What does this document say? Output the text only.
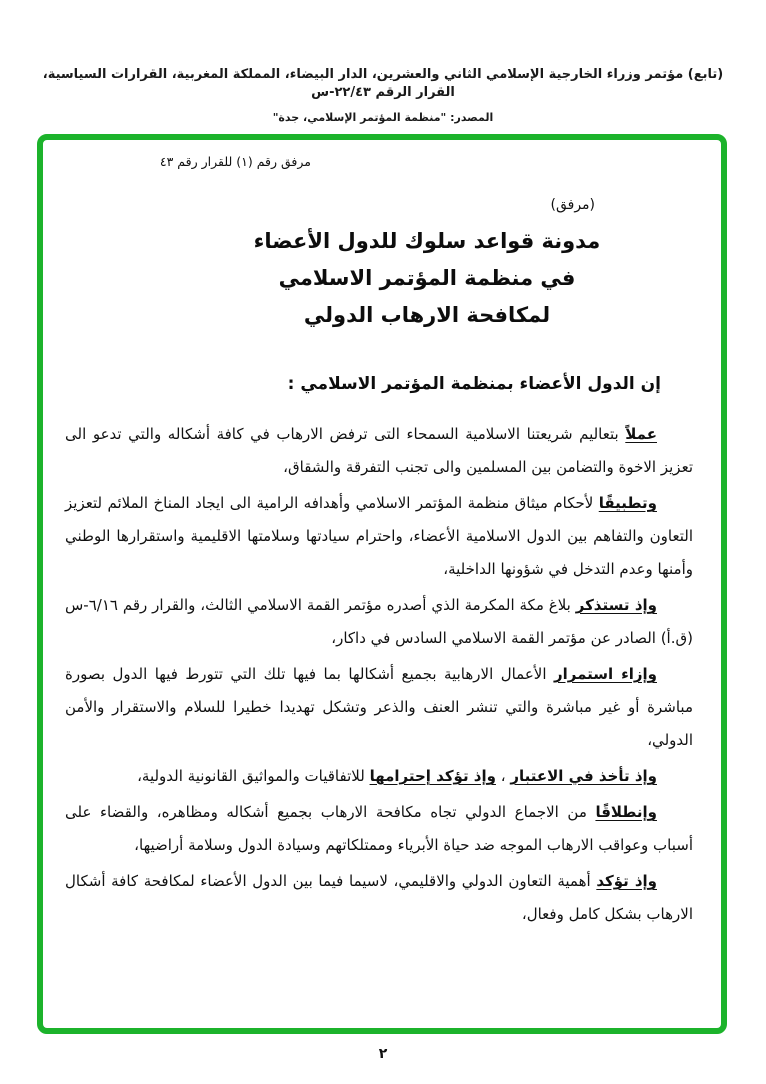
(تابع) مؤتمر وزراء الخارجية الإسلامي الثاني والعشرين، الدار البيضاء، المملكة المغربية، القرارات السياسية، القرار الرقم ٢٢/٤٣-س
المصدر: "منظمة المؤتمر الإسلامي، جدة"
مرفق رقم (١) للقرار رقم ٤٣
(مرفق)
مدونة قواعد سلوك للدول الأعضاء
في منظمة المؤتمر الاسلامي
لمكافحة الارهاب الدولي
إن الدول الأعضاء بمنظمة المؤتمر الاسلامي :

عملاً بتعاليم شريعتنا الاسلامية السمحاء التى ترفض الارهاب في كافة أشكاله والتي تدعو الى تعزيز الاخوة والتضامن بين المسلمين والى تجنب التفرقة والشقاق،

وتطبيقًا لأحكام ميثاق منظمة المؤتمر الاسلامي وأهدافه الرامية الى ايجاد المناخ الملائم لتعزيز التعاون والتفاهم بين الدول الاسلامية الأعضاء، واحترام سيادتها وسلامتها الاقليمية واستقرارها الوطني وأمنها وعدم التدخل في شؤونها الداخلية،

وإذ تستذكر بلاغ مكة المكرمة الذي أصدره مؤتمر القمة الاسلامي الثالث، والقرار رقم ٦/١٦-س (ق.أ) الصادر عن مؤتمر القمة الاسلامي السادس في داكار،

وإزاء استمرار الأعمال الارهابية بجميع أشكالها بما فيها تلك التي تتورط فيها الدول بصورة مباشرة أو غير مباشرة والتي تنشر العنف والذعر وتشكل تهديدا خطيرا للسلام والاستقرار والأمن الدولي،

وإذ تأخذ في الاعتبار ، وإذ تؤكد إحترامها للاتفاقيات والمواثيق القانونية الدولية،

وإنطلاقًا من الاجماع الدولي تجاه مكافحة الارهاب بجميع أشكاله ومظاهره، والقضاء على أسباب وعواقب الارهاب الموجه ضد حياة الأبرياء وممتلكاتهم وسيادة الدول وسلامة أراضيها،

وإذ تؤكد أهمية التعاون الدولي والاقليمي، لاسيما فيما بين الدول الأعضاء لمكافحة كافة أشكال الارهاب بشكل كامل وفعال،

٢
